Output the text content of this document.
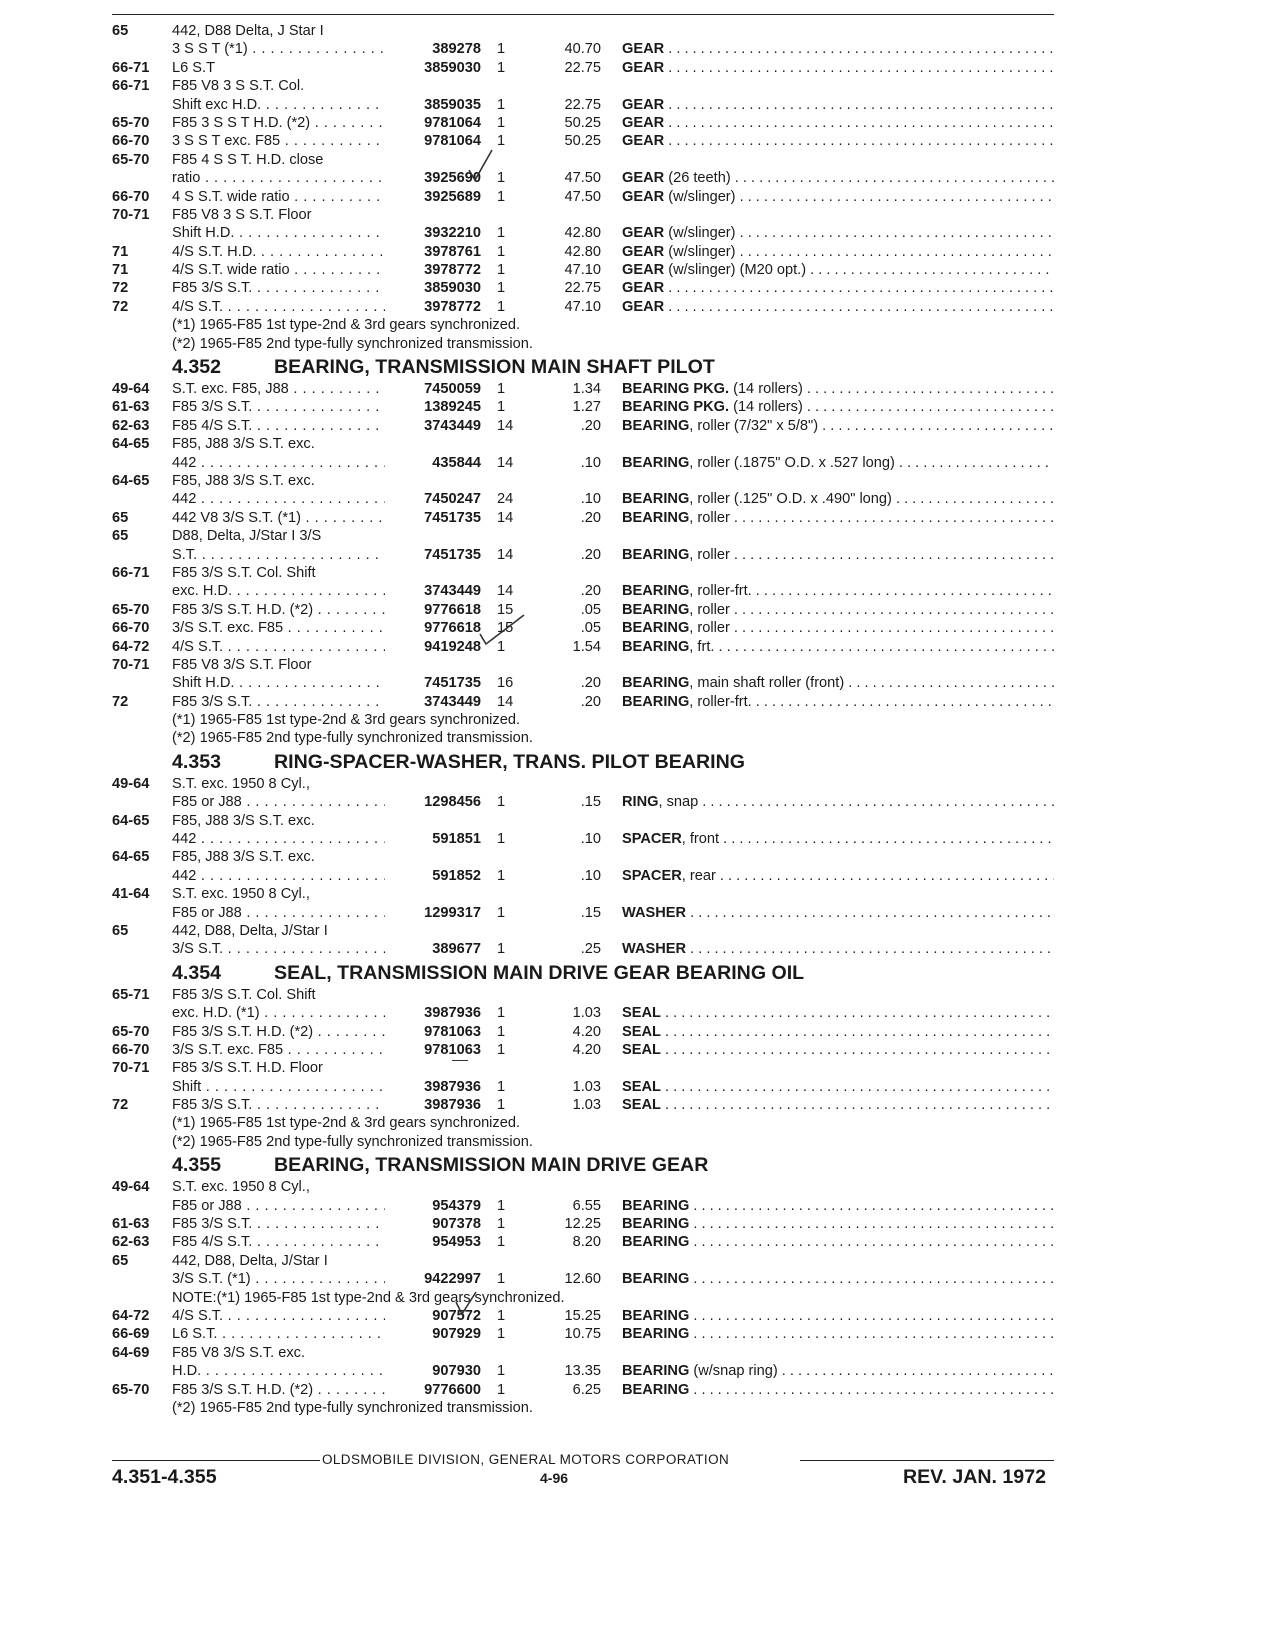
65	442, D88 Delta, J Star I
3 S S T (*1) . . .	389278	1	40.70	GEAR . . .
66-71	L6 S.T	3859030	1	22.75	GEAR . . .
66-71	F85 V8 3 S S.T. Col.
Shift exc H.D. . . .	3859035	1	22.75	GEAR . . .
65-70	F85 3 S S T H.D. (*2) . . .	9781064	1	50.25	GEAR . . .
66-70	3 S S T exc. F85 . . .	9781064	1	50.25	GEAR . . .
65-70	F85 4 S S T. H.D. close
ratio . . .	3925690	1	47.50	GEAR (26 teeth) . . .
66-70	4 S S.T. wide ratio . . .	3925689	1	47.50	GEAR (w/slinger) . . .
70-71	F85 V8 3 S S.T. Floor
Shift H.D. . . .	3932210	1	42.80	GEAR (w/slinger) . . .
71	4/S S.T. H.D. . . .	3978761	1	42.80	GEAR (w/slinger) . . .
71	4/S S.T. wide ratio . . .	3978772	1	47.10	GEAR (w/slinger) (M20 opt.) . . .
72	F85 3/S S.T. . . .	3859030	1	22.75	GEAR . . .
72	4/S S.T. . . .	3978772	1	47.10	GEAR . . .
(*1) 1965-F85 1st type-2nd & 3rd gears synchronized.
(*2) 1965-F85 2nd type-fully synchronized transmission.
4.352	BEARING, TRANSMISSION MAIN SHAFT PILOT
49-64	S.T. exc. F85, J88 . . .	7450059	1	1.34	BEARING PKG. (14 rollers) . . .
61-63	F85 3/S S.T. . . .	1389245	1	1.27	BEARING PKG. (14 rollers) . . .
62-63	F85 4/S S.T. . . .	3743449	14	.20	BEARING, roller (7/32" x 5/8") . . .
64-65	F85, J88 3/S S.T. exc.
442 . . .	435844	14	.10	BEARING, roller (.1875" O.D. x .527 long) . . .
64-65	F85, J88 3/S S.T. exc.
442 . . .	7450247	24	.10	BEARING, roller (.125" O.D. x .490" long) . . .
65	442 V8 3/S S.T. (*1) . . .	7451735	14	.20	BEARING, roller . . .
65	D88, Delta, J/Star I 3/S
S.T. . . .	7451735	14	.20	BEARING, roller . . .
66-71	F85 3/S S.T. Col. Shift
exc. H.D. . . .	3743449	14	.20	BEARING, roller-frt. . . .
65-70	F85 3/S S.T. H.D. (*2) . . .	9776618	15	.05	BEARING, roller . . .
66-70	3/S S.T. exc. F85 . . .	9776618	15	.05	BEARING, roller . . .
64-72	4/S S.T. . . .	9419248	1	1.54	BEARING, frt. . . .
70-71	F85 V8 3/S S.T. Floor
Shift H.D. . . .	7451735	16	.20	BEARING, main shaft roller (front) . . .
72	F85 3/S S.T. . . .	3743449	14	.20	BEARING, roller-frt. . . .
(*1) 1965-F85 1st type-2nd & 3rd gears synchronized.
(*2) 1965-F85 2nd type-fully synchronized transmission.
4.353	RING-SPACER-WASHER, TRANS. PILOT BEARING
49-64	S.T. exc. 1950 8 Cyl.,
F85 or J88 . . .	1298456	1	.15	RING, snap . . .
64-65	F85, J88 3/S S.T. exc.
442 . . .	591851	1	.10	SPACER, front . . .
64-65	F85, J88 3/S S.T. exc.
442 . . .	591852	1	.10	SPACER, rear . . .
41-64	S.T. exc. 1950 8 Cyl.,
F85 or J88 . . .	1299317	1	.15	WASHER . . .
65	442, D88, Delta, J/Star I
3/S S.T. . . .	389677	1	.25	WASHER . . .
4.354	SEAL, TRANSMISSION MAIN DRIVE GEAR BEARING OIL
65-71	F85 3/S S.T. Col. Shift
exc. H.D. (*1) . . .	3987936	1	1.03	SEAL . . .
65-70	F85 3/S S.T. H.D. (*2) . . .	9781063	1	4.20	SEAL . . .
66-70	3/S S.T. exc. F85 . . .	9781063	1	4.20	SEAL . . .
70-71	F85 3/S S.T. H.D. Floor
Shift . . .	3987936	1	1.03	SEAL . . .
72	F85 3/S S.T. . . .	3987936	1	1.03	SEAL . . .
(*1) 1965-F85 1st type-2nd & 3rd gears synchronized.
(*2) 1965-F85 2nd type-fully synchronized transmission.
4.355	BEARING, TRANSMISSION MAIN DRIVE GEAR
49-64	S.T. exc. 1950 8 Cyl.,
F85 or J88 . . .	954379	1	6.55	BEARING . . .
61-63	F85 3/S S.T. . . .	907378	1	12.25	BEARING . . .
62-63	F85 4/S S.T. . . .	954953	1	8.20	BEARING . . .
65	442, D88, Delta, J/Star I
3/S S.T. (*1) . . .	9422997	1	12.60	BEARING . . .
NOTE:(*1) 1965-F85 1st type-2nd & 3rd gears synchronized.
64-72	4/S S.T. . . .	907572	1	15.25	BEARING . . .
66-69	L6 S.T. . . .	907929	1	10.75	BEARING . . .
64-69	F85 V8 3/S S.T. exc.
H.D. . . .	907930	1	13.35	BEARING (w/snap ring) . . .
65-70	F85 3/S S.T. H.D. (*2) . . .	9776600	1	6.25	BEARING . . .
(*2) 1965-F85 2nd type-fully synchronized transmission.
OLDSMOBILE DIVISION, GENERAL MOTORS CORPORATION
4.351-4.355	4-96	REV. JAN. 1972
